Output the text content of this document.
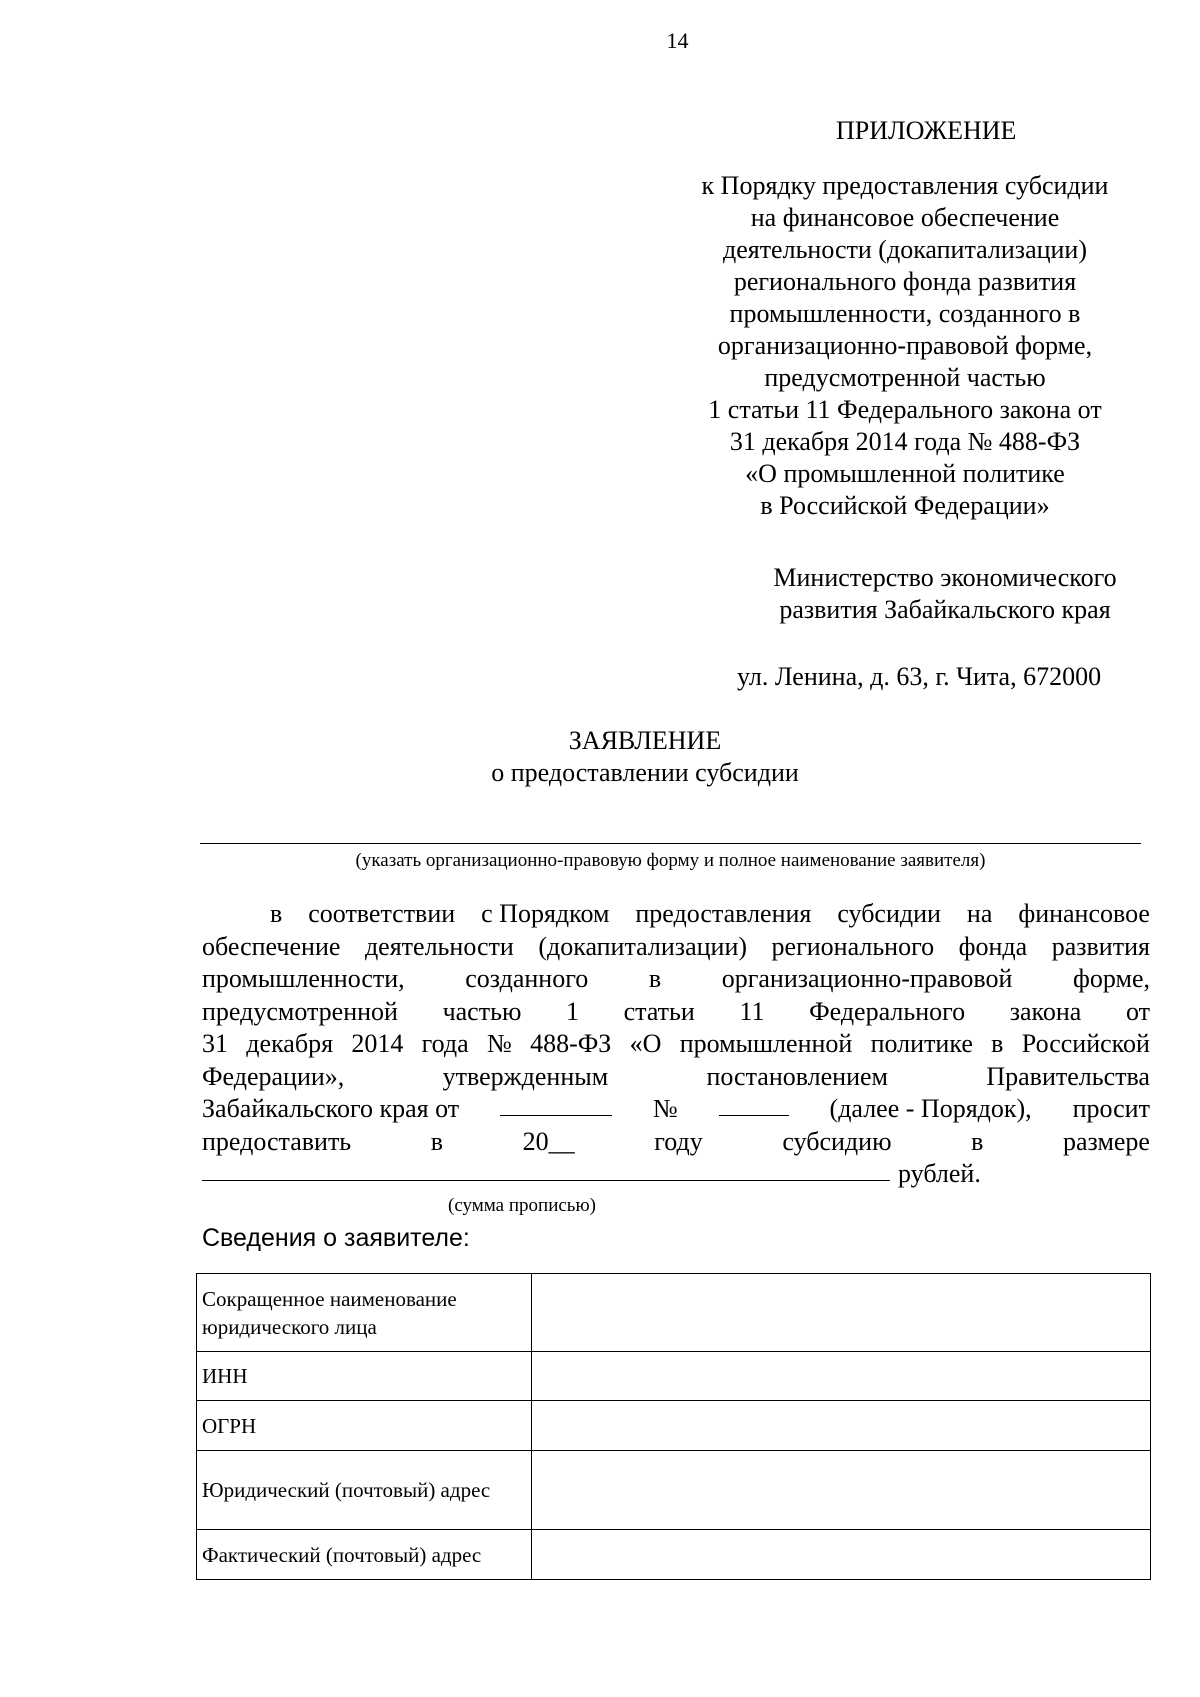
14
ПРИЛОЖЕНИЕ
к Порядку предоставления субсидии
на финансовое обеспечение
деятельности (докапитализации)
регионального фонда развития
промышленности, созданного в
организационно-правовой форме,
предусмотренной частью
1 статьи 11 Федерального закона от
31 декабря 2014 года № 488-ФЗ
«О промышленной политике
в Российской Федерации»
Министерство экономического
развития Забайкальского края
ул. Ленина, д. 63, г. Чита, 672000
ЗАЯВЛЕНИЕ
о предоставлении субсидии
(указать организационно-правовую форму и полное наименование заявителя)
в соответствии с Порядком предоставления субсидии на финансовое
обеспечение деятельности (докапитализации) регионального фонда развития
промышленности, созданного в организационно-правовой форме,
предусмотренной частью 1 статьи 11 Федерального закона от
31 декабря 2014 года № 488-ФЗ «О промышленной политике в Российской
Федерации»,	утвержденным	постановлением	Правительства
Забайкальского края от	№	(далее - Порядок), просит
предоставить	в	20__	году	субсидию	в	размере
рублей.
(сумма прописью)
Сведения о заявителе:
Сокращенное наименование юридического лица	
ИНН	
ОГРН	
Юридический (почтовый) адрес	
Фактический (почтовый) адрес	
